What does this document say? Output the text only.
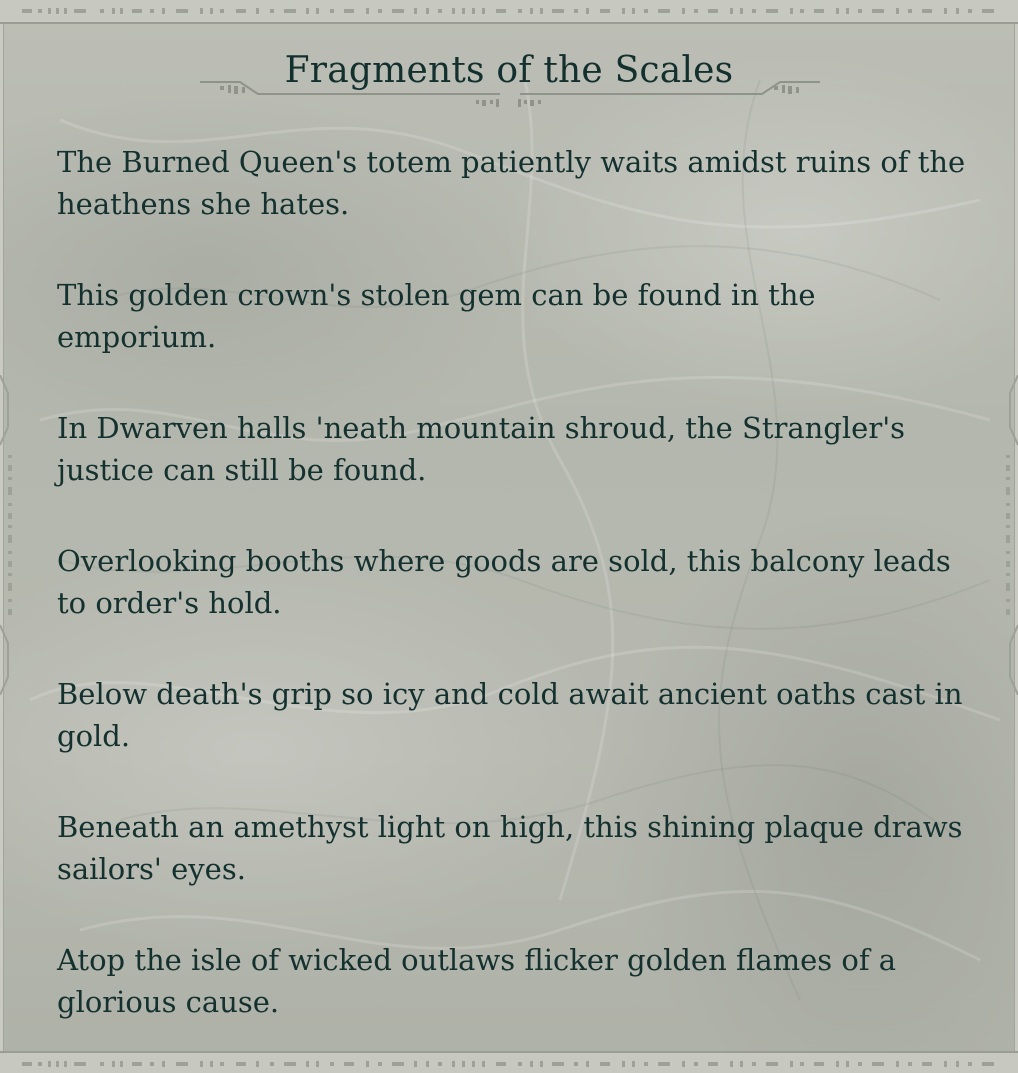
Fragments of the Scales

The Burned Queen's totem patiently waits amidst ruins of the heathens she hates.

This golden crown's stolen gem can be found in the emporium.

In Dwarven halls 'neath mountain shroud, the Strangler's justice can still be found.

Overlooking booths where goods are sold, this balcony leads to order's hold.

Below death's grip so icy and cold await ancient oaths cast in gold.

Beneath an amethyst light on high, this shining plaque draws sailors' eyes.

Atop the isle of wicked outlaws flicker golden flames of a glorious cause.
